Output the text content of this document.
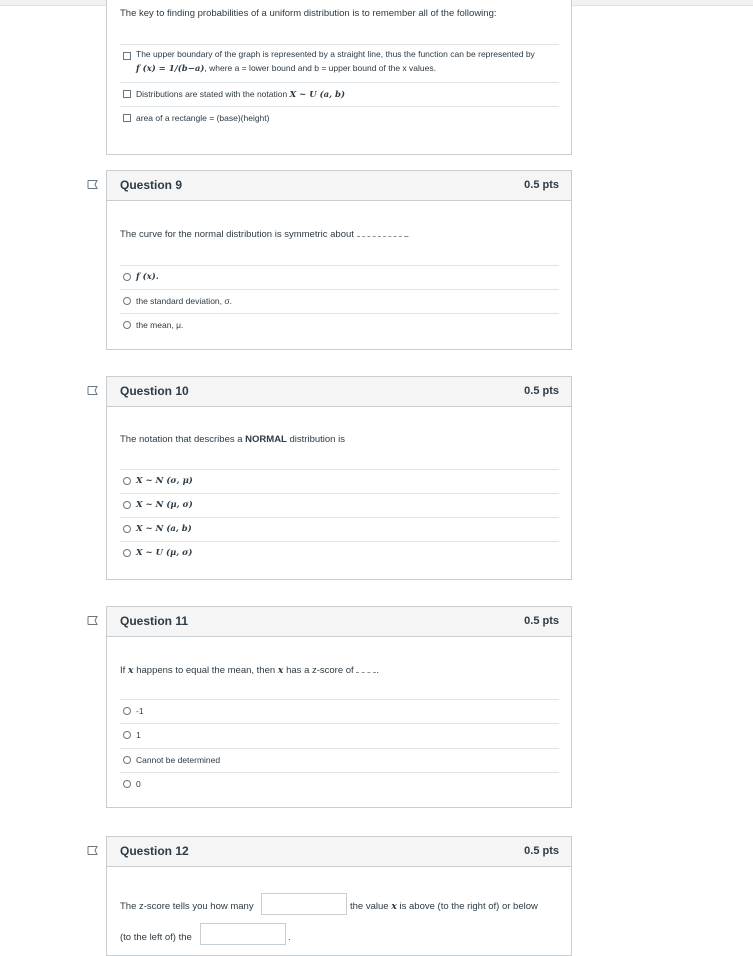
The key to finding probabilities of a uniform distribution is to remember all of the following:
The upper boundary of the graph is represented by a straight line, thus the function can be represented by
f (x) = 1/(b−a), where a = lower bound and b = upper bound of the x values.
Distributions are stated with the notation X ~ U (a, b)
area of a rectangle = (base)(height)
Question 9	0.5 pts
The curve for the normal distribution is symmetric about	.
f (x).
the standard deviation, σ.
the mean, μ.
Question 10	0.5 pts
The notation that describes a NORMAL distribution is
X ~ N (σ, μ)
X ~ N (μ, σ)
X ~ N (a, b)
X ~ U (μ, σ)
Question 11	0.5 pts
If x happens to equal the mean, then x has a z-score of .
-1
1
Cannot be determined
0
Question 12	0.5 pts
The z-score tells you how many	the value x is above (to the right of) or below
(to the left of) the	.
